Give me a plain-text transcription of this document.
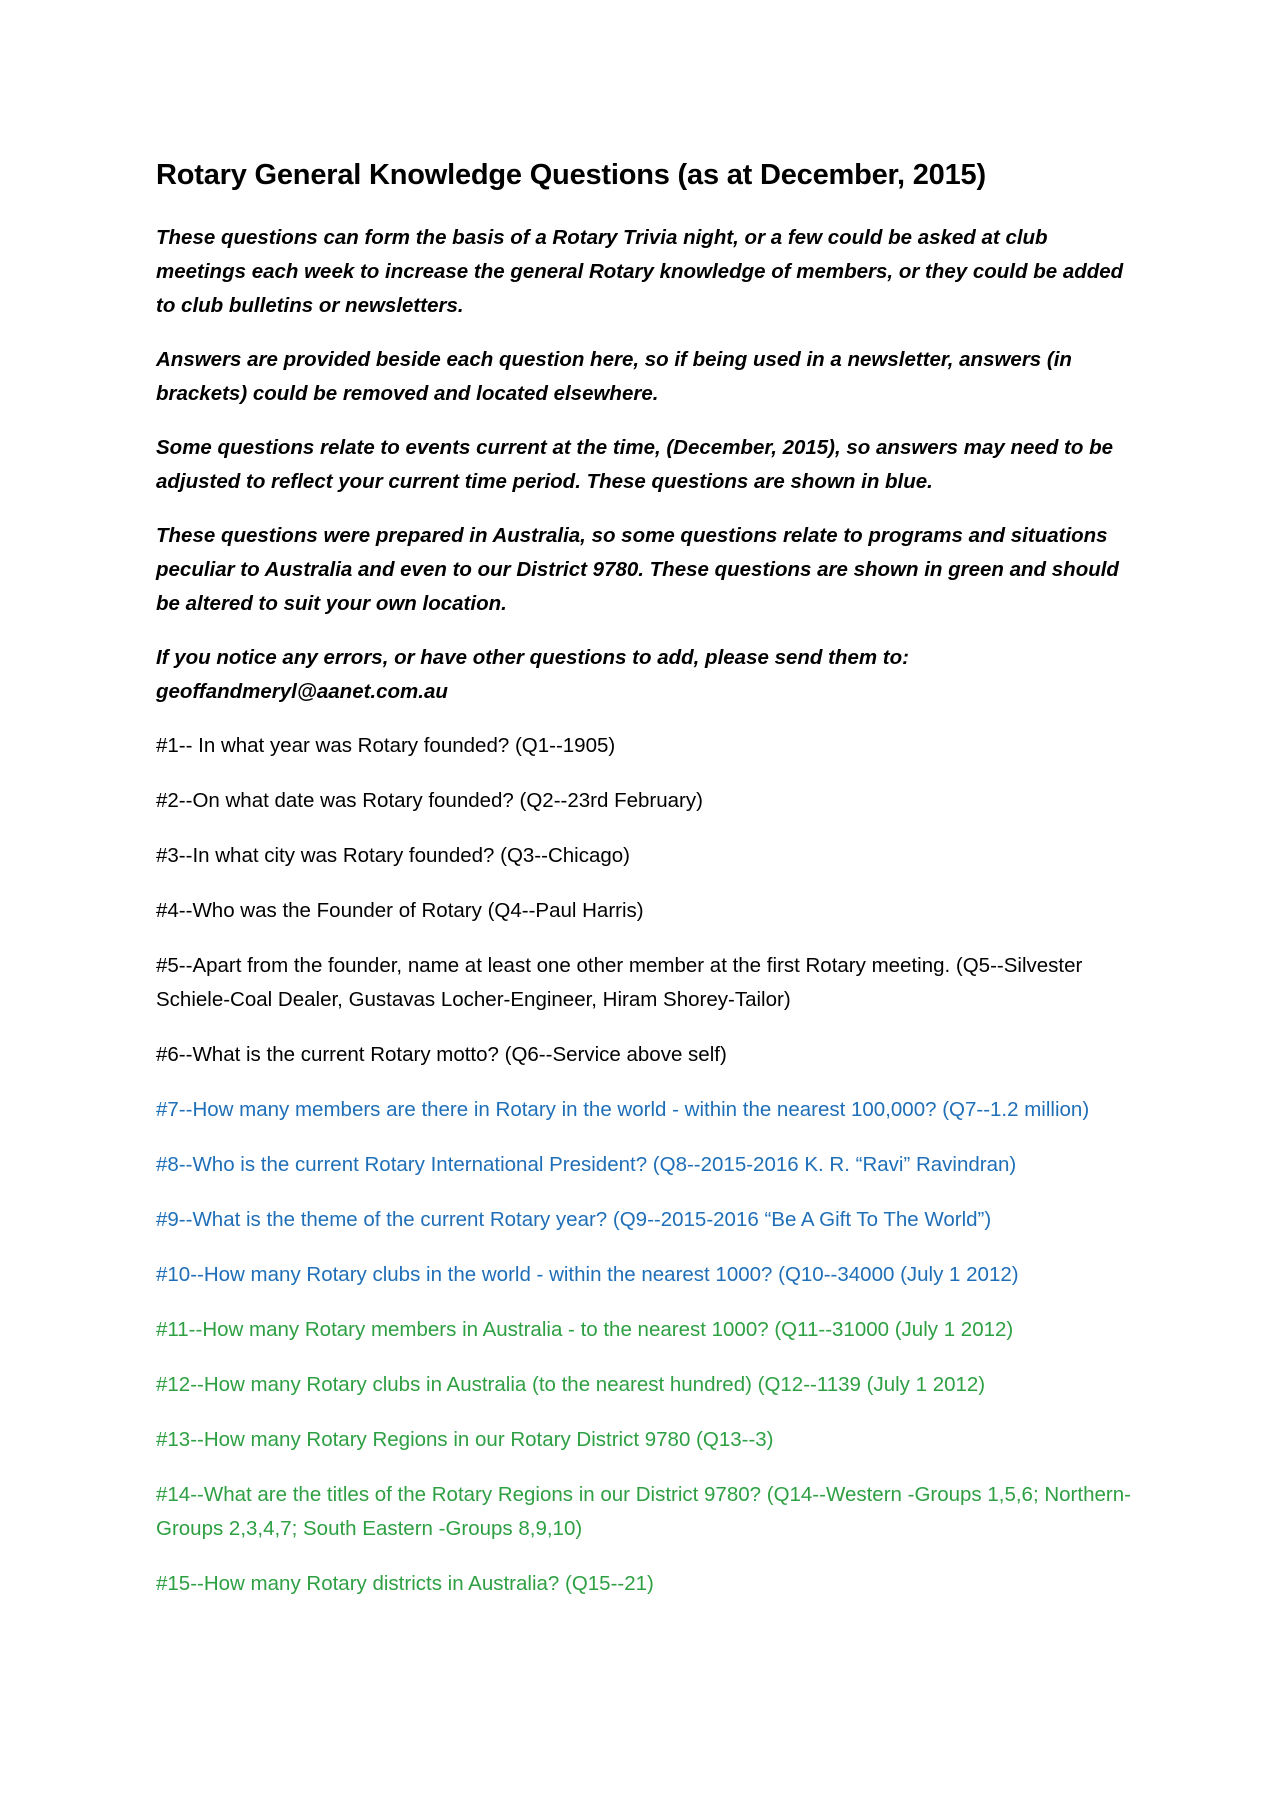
Rotary General Knowledge Questions (as at December, 2015)

These questions can form the basis of a Rotary Trivia night, or a few could be asked at club meetings each week to increase the general Rotary knowledge of members, or they could be added to club bulletins or newsletters.

Answers are provided beside each question here, so if being used in a newsletter, answers (in brackets) could be removed and located elsewhere.

Some questions relate to events current at the time, (December, 2015), so answers may need to be adjusted to reflect your current time period. These questions are shown in blue.

These questions were prepared in Australia, so some questions relate to programs and situations peculiar to Australia and even to our District 9780. These questions are shown in green and should be altered to suit your own location.

If you notice any errors, or have other questions to add, please send them to: geoffandmeryl@aanet.com.au

#1-- In what year was Rotary founded? (Q1--1905)

#2--On what date was Rotary founded? (Q2--23rd February)

#3--In what city was Rotary founded? (Q3--Chicago)

#4--Who was the Founder of Rotary (Q4--Paul Harris)

#5--Apart from the founder, name at least one other member at the first Rotary meeting. (Q5--Silvester Schiele-Coal Dealer, Gustavas Locher-Engineer, Hiram Shorey-Tailor)

#6--What is the current Rotary motto? (Q6--Service above self)

#7--How many members are there in Rotary in the world - within the nearest 100,000? (Q7--1.2 million)

#8--Who is the current Rotary International President? (Q8--2015-2016 K. R. “Ravi” Ravindran)

#9--What is the theme of the current Rotary year? (Q9--2015-2016 “Be A Gift To The World”)

#10--How many Rotary clubs in the world - within the nearest 1000? (Q10--34000 (July 1 2012)

#11--How many Rotary members in Australia - to the nearest 1000? (Q11--31000 (July 1 2012)

#12--How many Rotary clubs in Australia (to the nearest hundred) (Q12--1139 (July 1 2012)

#13--How many Rotary Regions in our Rotary District 9780 (Q13--3)

#14--What are the titles of the Rotary Regions in our District 9780? (Q14--Western -Groups 1,5,6; Northern-Groups 2,3,4,7; South Eastern -Groups 8,9,10)

#15--How many Rotary districts in Australia? (Q15--21)
